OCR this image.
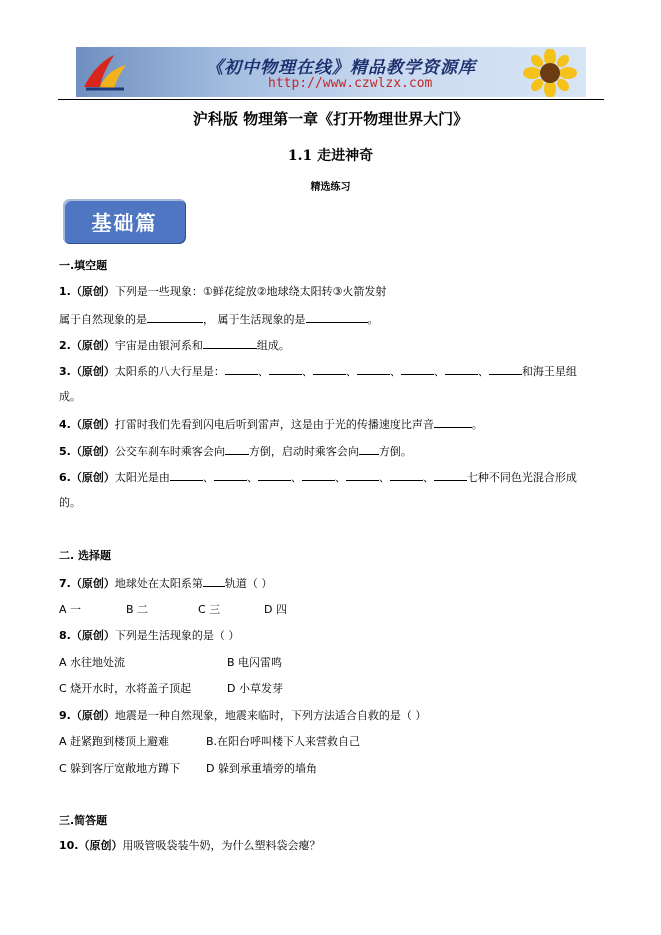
《初中物理在线》精品教学资源库
http://www.czwlzx.com
沪科版 物理第一章《打开物理世界大门》
1.1 走进神奇
精选练习
基础篇
一.填空题
1.（原创）下列是一些现象：①鲜花绽放②地球绕太阳转③火箭发射
属于自然现象的是	， 属于生活现象的是	。
2.（原创）宇宙是由银河系和	组成。
3.（原创）太阳系的八大行星是：	、	、	、	、	、	、	和海王星组
成。
4.（原创）打雷时我们先看到闪电后听到雷声，这是由于光的传播速度比声音	。
5.（原创）公交车刹车时乘客会向 方倒，启动时乘客会向 方倒。
6.（原创）太阳光是由	、	、	、	、	、	、	七种不同色光混合形成
的。
二. 选择题
7.（原创）地球处在太阳系第 轨道（ ）
A 一	B 二	C 三	D 四
8.（原创）下列是生活现象的是（ ）
A 水往地处流	B 电闪雷鸣
C 烧开水时，水将盖子顶起	D 小草发芽
9.（原创）地震是一种自然现象，地震来临时，下列方法适合自救的是（ ）
A 赶紧跑到楼顶上避难	B.在阳台呼叫楼下人来营救自己
C 躲到客厅宽敞地方蹲下 D 躲到承重墙旁的墙角
三.简答题
10.（原创）用吸管吸袋装牛奶，为什么塑料袋会瘪？
